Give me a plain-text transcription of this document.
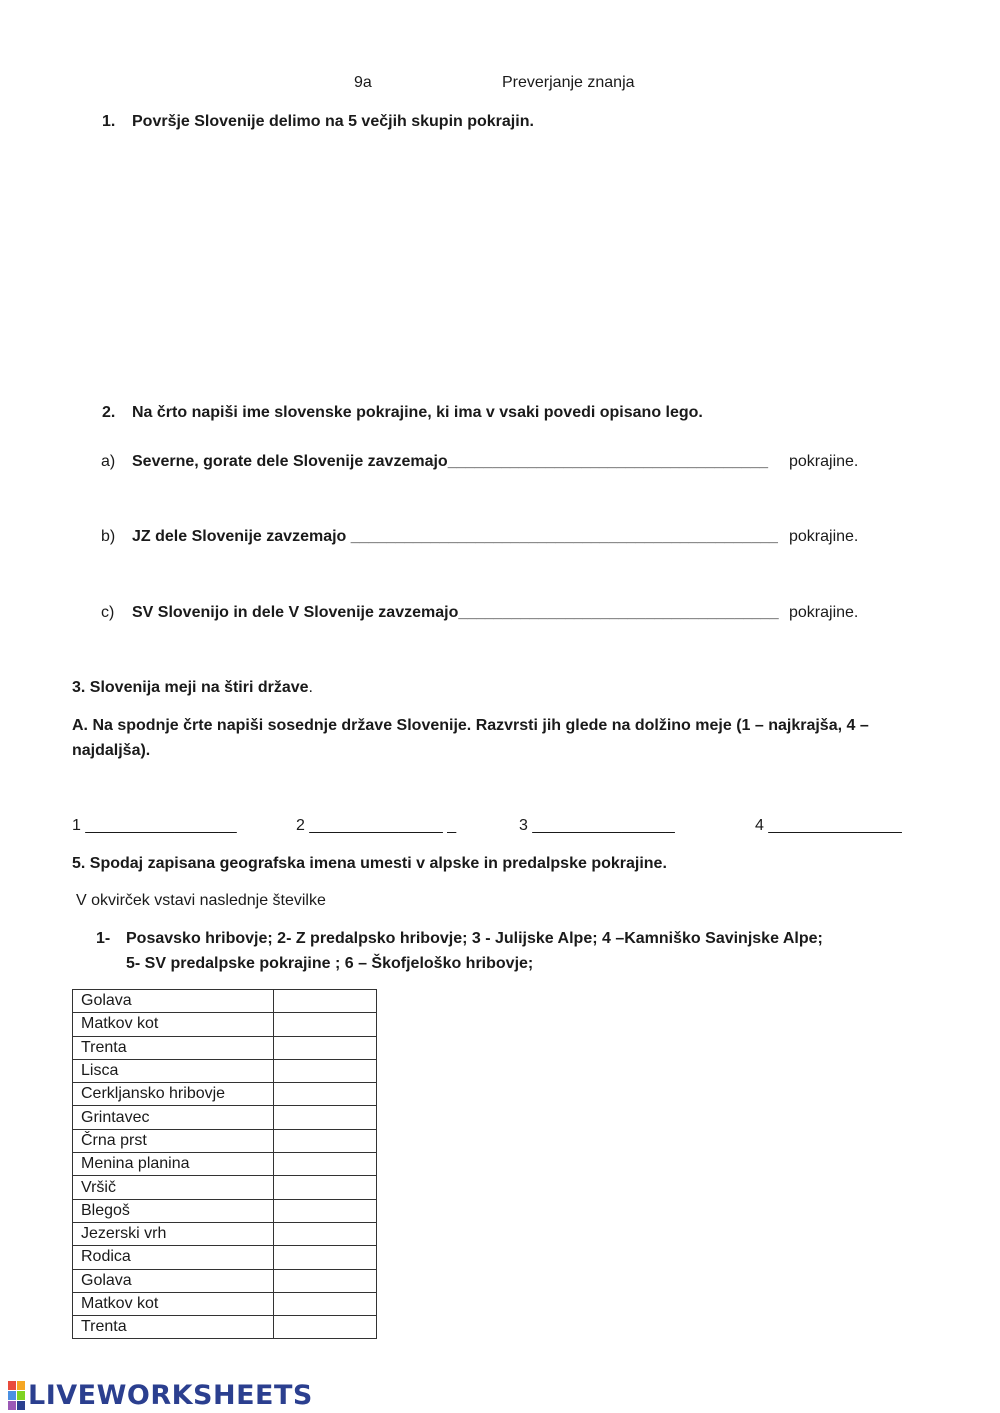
9a	Preverjanje znanja
1. Površje Slovenije delimo na 5 večjih skupin pokrajin.
2. Na črto napiši ime slovenske pokrajine, ki ima v vsaki povedi opisano lego.
a) Severne, gorate dele Slovenije zavzemajo____________________________________ pokrajine.
b) JZ dele Slovenije zavzemajo ________________________________________________ pokrajine.
c) SV Slovenijo in dele V Slovenije zavzemajo____________________________________ pokrajine.
3. Slovenija meji na štiri države.
A. Na spodnje črte napiši sosednje države Slovenije. Razvrsti jih glede na dolžino meje (1 – najkrajša, 4 –
najdaljša).
1 _________________	2 _______________ _	3 ________________	4 _______________
5. Spodaj zapisana geografska imena umesti v alpske in predalpske pokrajine.
V okvirček vstavi naslednje številke
1- Posavsko hribovje; 2- Z predalpsko hribovje; 3 - Julijske Alpe; 4 –Kamniško Savinjske Alpe;
5- SV predalpske pokrajine ; 6 – Škofjeloško hribovje;
Golava	
Matkov kot	
Trenta	
Lisca	
Cerkljansko hribovje	
Grintavec	
Črna prst	
Menina planina	
Vršič	
Blegoš	
Jezerski vrh	
Rodica	
Golava	
Matkov kot	
Trenta	
LIVEWORKSHEETS
